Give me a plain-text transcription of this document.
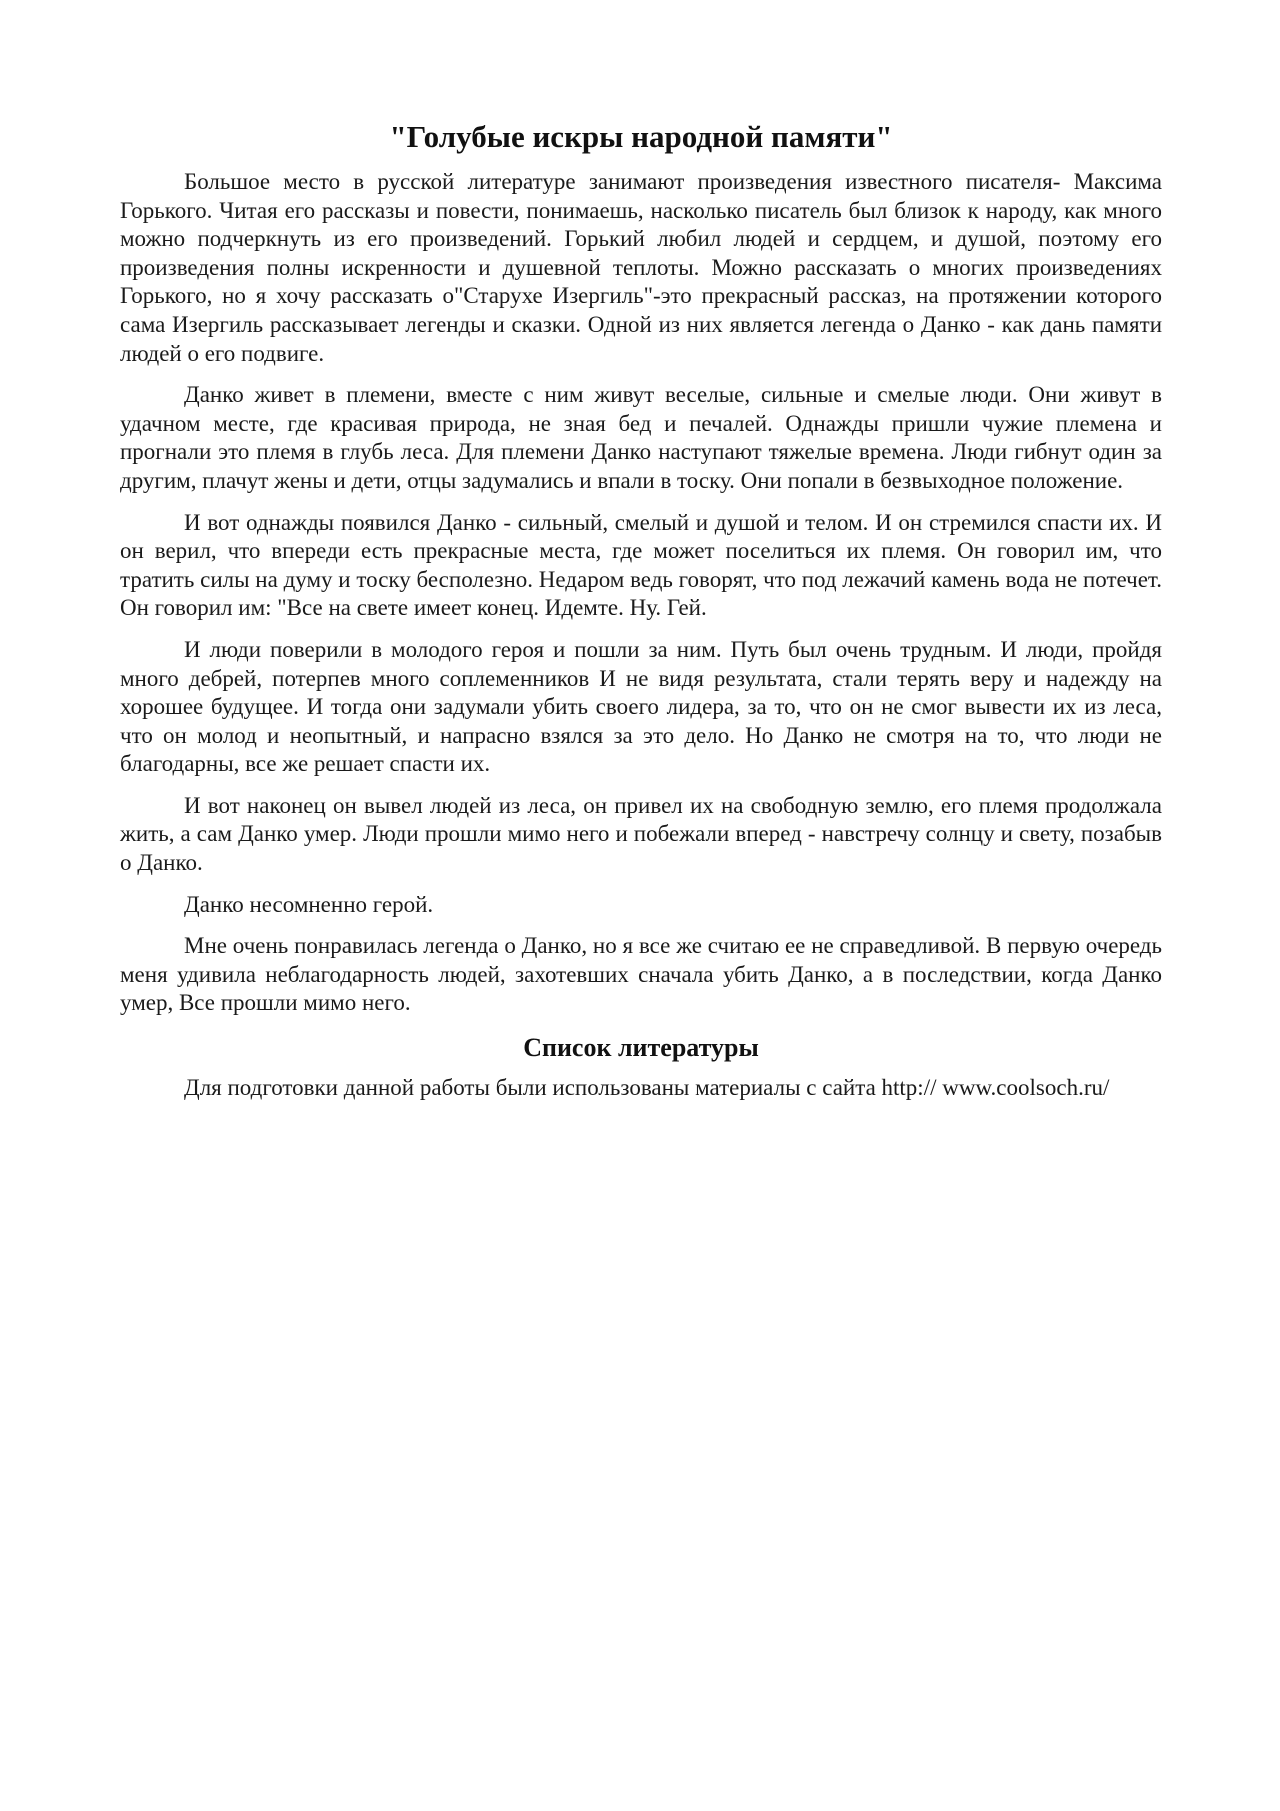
"Голубые искры народной памяти"

Большое место в русской литературе занимают произведения известного писателя- Максима Горького. Читая его рассказы и повести, понимаешь, насколько писатель был близок к народу, как много можно подчеркнуть из его произведений. Горький любил людей и сердцем, и душой, поэтому его произведения полны искренности и душевной теплоты. Можно рассказать о многих произведениях Горького, но я хочу рассказать о"Старухе Изергиль"-это прекрасный рассказ, на протяжении которого сама Изергиль рассказывает легенды и сказки. Одной из них является легенда о Данко - как дань памяти людей о его подвиге.

Данко живет в племени, вместе с ним живут веселые, сильные и смелые люди. Они живут в удачном месте, где красивая природа, не зная бед и печалей. Однажды пришли чужие племена и прогнали это племя в глубь леса. Для племени Данко наступают тяжелые времена. Люди гибнут один за другим, плачут жены и дети, отцы задумались и впали в тоску. Они попали в безвыходное положение.

И вот однажды появился Данко - сильный, смелый и душой и телом. И он стремился спасти их. И он верил, что впереди есть прекрасные места, где может поселиться их племя. Он говорил им, что тратить силы на думу и тоску бесполезно. Недаром ведь говорят, что под лежачий камень вода не потечет. Он говорил им: "Все на свете имеет конец. Идемте. Ну. Гей.

И люди поверили в молодого героя и пошли за ним. Путь был очень трудным. И люди, пройдя много дебрей, потерпев много соплеменников И не видя результата, стали терять веру и надежду на хорошее будущее. И тогда они задумали убить своего лидера, за то, что он не смог вывести их из леса, что он молод и неопытный, и напрасно взялся за это дело. Но Данко не смотря на то, что люди не благодарны, все же решает спасти их.

И вот наконец он вывел людей из леса, он привел их на свободную землю, его племя продолжала жить, а сам Данко умер. Люди прошли мимо него и побежали вперед - навстречу солнцу и свету, позабыв о Данко.

Данко несомненно герой.

Мне очень понравилась легенда о Данко, но я все же считаю ее не справедливой. В первую очередь меня удивила неблагодарность людей, захотевших сначала убить Данко, а в последствии, когда Данко умер, Все прошли мимо него.

Список литературы

Для подготовки данной работы были использованы материалы с сайта http:// www.coolsoch.ru/
